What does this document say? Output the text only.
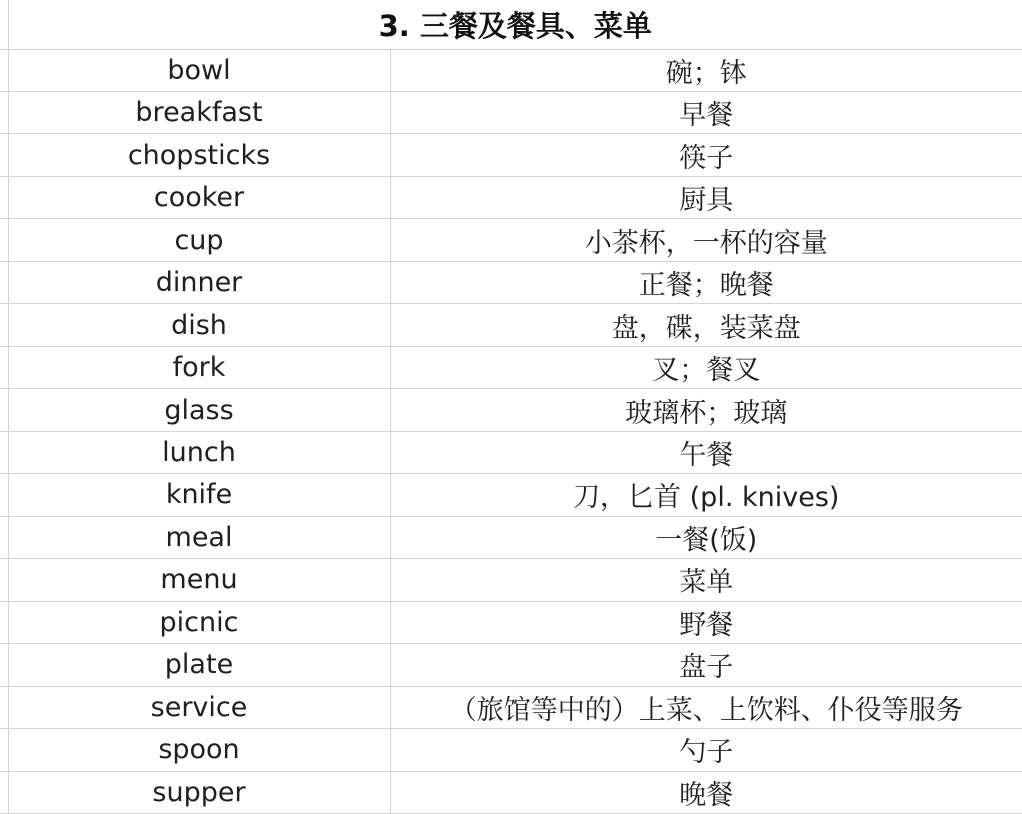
	3. 三餐及餐具、菜单	
	bowl	碗；钵
	breakfast	早餐
	chopsticks	筷子
	cooker	厨具
	cup	小茶杯，一杯的容量
	dinner	正餐；晚餐
	dish	盘，碟，装菜盘
	fork	叉；餐叉
	glass	玻璃杯；玻璃
	lunch	午餐
	knife	刀，匕首 (pl. knives)
	meal	一餐(饭)
	menu	菜单
	picnic	野餐
	plate	盘子
	service	（旅馆等中的）上菜、上饮料、仆役等服务
	spoon	勺子
	supper	晚餐
